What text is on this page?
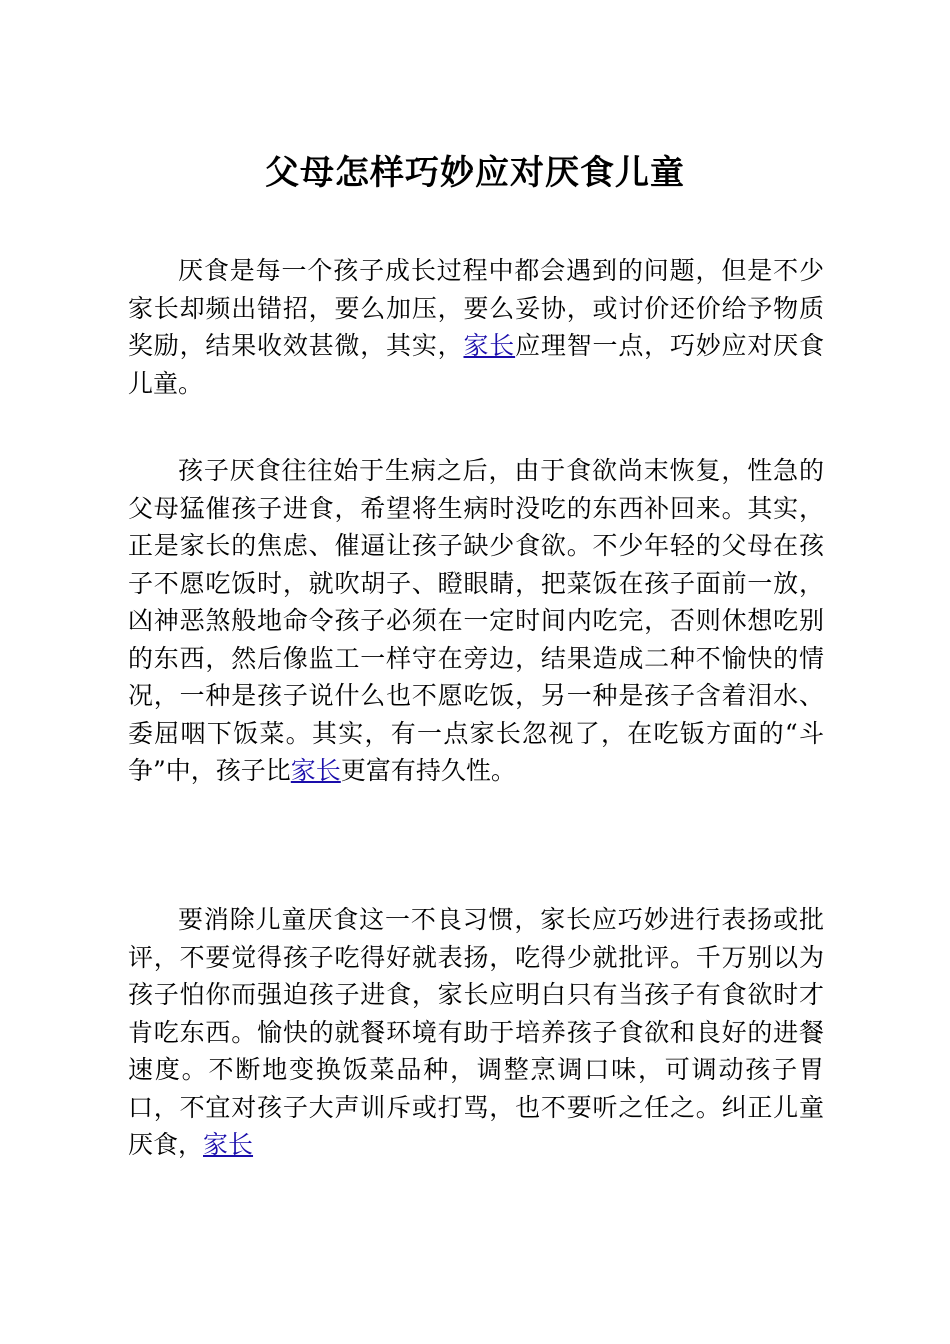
父母怎样巧妙应对厌食儿童

厌食是每一个孩子成长过程中都会遇到的问题，但是不少家长却频出错招，要么加压，要么妥协，或讨价还价给予物质奖励，结果收效甚微，其实，家长应理智一点，巧妙应对厌食儿童。

孩子厌食往往始于生病之后，由于食欲尚末恢复，性急的父母猛催孩子进食，希望将生病时没吃的东西补回来。其实，正是家长的焦虑、催逼让孩子缺少食欲。不少年轻的父母在孩子不愿吃饭时，就吹胡子、瞪眼睛，把菜饭在孩子面前一放，凶神恶煞般地命令孩子必须在一定时间内吃完，否则休想吃别的东西，然后像监工一样守在旁边，结果造成二种不愉快的情况，一种是孩子说什么也不愿吃饭，另一种是孩子含着泪水、委屈咽下饭菜。其实，有一点家长忽视了，在吃钣方面的“斗争”中，孩子比家长更富有持久性。

要消除儿童厌食这一不良习惯，家长应巧妙进行表扬或批评，不要觉得孩子吃得好就表扬，吃得少就批评。千万别以为孩子怕你而强迫孩子进食，家长应明白只有当孩子有食欲时才肯吃东西。愉快的就餐环境有助于培养孩子食欲和良好的进餐速度。不断地变换饭菜品种，调整烹调口味，可调动孩子胃口，不宜对孩子大声训斥或打骂，也不要听之任之。纠正儿童厌食，家长
